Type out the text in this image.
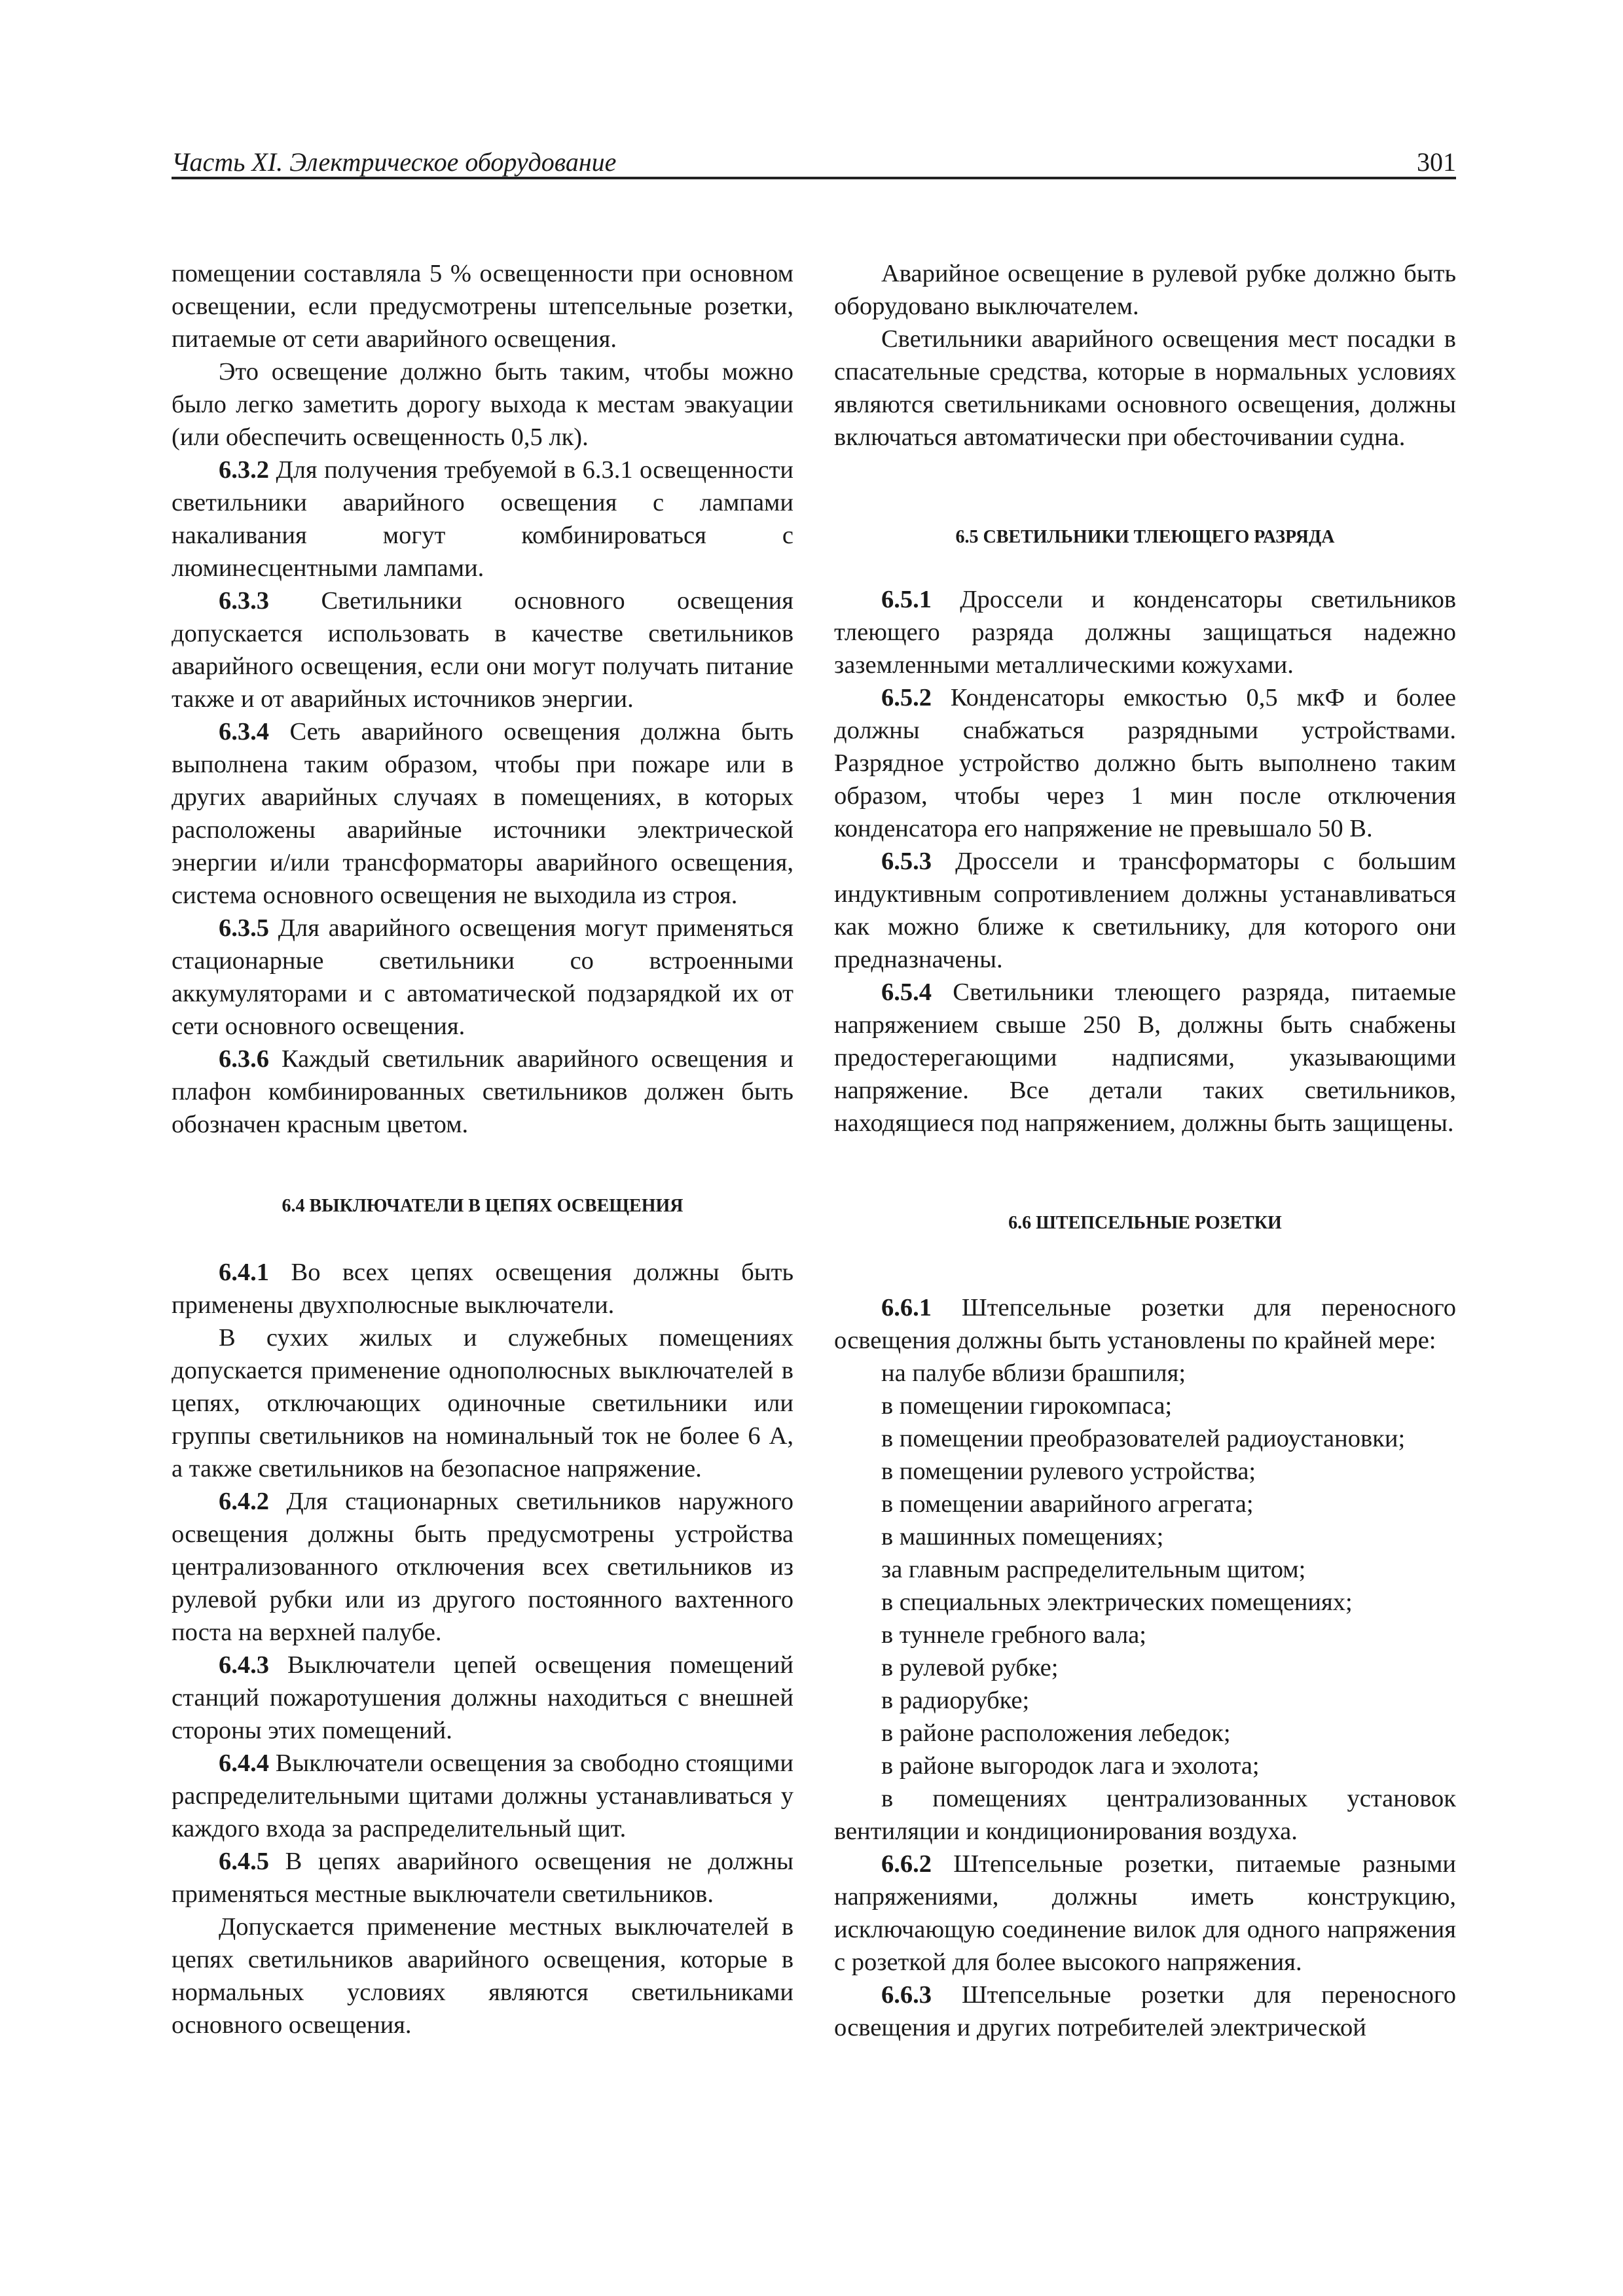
Часть XI. Электрическое оборудование	301

помещении составляла 5 % освещенности при основном освещении, если предусмотрены штепсельные розетки, питаемые от сети аварийного освещения.

Это освещение должно быть таким, чтобы можно было легко заметить дорогу выхода к местам эвакуации (или обеспечить освещенность 0,5 лк).

6.3.2 Для получения требуемой в 6.3.1 освещенности светильники аварийного освещения с лампами накаливания могут комбинироваться с люминесцентными лампами.

6.3.3 Светильники основного освещения допускается использовать в качестве светильников аварийного освещения, если они могут получать питание также и от аварийных источников энергии.

6.3.4 Сеть аварийного освещения должна быть выполнена таким образом, чтобы при пожаре или в других аварийных случаях в помещениях, в которых расположены аварийные источники электрической энергии и/или трансформаторы аварийного освещения, система основного освещения не выходила из строя.

6.3.5 Для аварийного освещения могут применяться стационарные светильники со встроенными аккумуляторами и с автоматической подзарядкой их от сети основного освещения.

6.3.6 Каждый светильник аварийного освещения и плафон комбинированных светильников должен быть обозначен красным цветом.

6.4 ВЫКЛЮЧАТЕЛИ В ЦЕПЯХ ОСВЕЩЕНИЯ

6.4.1 Во всех цепях освещения должны быть применены двухполюсные выключатели.

В сухих жилых и служебных помещениях допускается применение однополюсных выключателей в цепях, отключающих одиночные светильники или группы светильников на номинальный ток не более 6 А, а также светильников на безопасное напряжение.

6.4.2 Для стационарных светильников наружного освещения должны быть предусмотрены устройства централизованного отключения всех светильников из рулевой рубки или из другого постоянного вахтенного поста на верхней палубе.

6.4.3 Выключатели цепей освещения помещений станций пожаротушения должны находиться с внешней стороны этих помещений.

6.4.4 Выключатели освещения за свободно стоящими распределительными щитами должны устанавливаться у каждого входа за распределительный щит.

6.4.5 В цепях аварийного освещения не должны применяться местные выключатели светильников.

Допускается применение местных выключателей в цепях светильников аварийного освещения, которые в нормальных условиях являются светильниками основного освещения.

Аварийное освещение в рулевой рубке должно быть оборудовано выключателем.

Светильники аварийного освещения мест посадки в спасательные средства, которые в нормальных условиях являются светильниками основного освещения, должны включаться автоматически при обесточивании судна.

6.5 СВЕТИЛЬНИКИ ТЛЕЮЩЕГО РАЗРЯДА

6.5.1 Дроссели и конденсаторы светильников тлеющего разряда должны защищаться надежно заземленными металлическими кожухами.

6.5.2 Конденсаторы емкостью 0,5 мкФ и более должны снабжаться разрядными устройствами. Разрядное устройство должно быть выполнено таким образом, чтобы через 1 мин после отключения конденсатора его напряжение не превышало 50 В.

6.5.3 Дроссели и трансформаторы с большим индуктивным сопротивлением должны устанавливаться как можно ближе к светильнику, для которого они предназначены.

6.5.4 Светильники тлеющего разряда, питаемые напряжением свыше 250 В, должны быть снабжены предостерегающими надписями, указывающими напряжение. Все детали таких светильников, находящиеся под напряжением, должны быть защищены.

6.6 ШТЕПСЕЛЬНЫЕ РОЗЕТКИ

6.6.1 Штепсельные розетки для переносного освещения должны быть установлены по крайней мере:

на палубе вблизи брашпиля;
в помещении гирокомпаса;
в помещении преобразователей радиоустановки;
в помещении рулевого устройства;
в помещении аварийного агрегата;
в машинных помещениях;
за главным распределительным щитом;
в специальных электрических помещениях;
в туннеле гребного вала;
в рулевой рубке;
в радиорубке;
в районе расположения лебедок;
в районе выгородок лага и эхолота;

в помещениях централизованных установок вентиляции и кондиционирования воздуха.

6.6.2 Штепсельные розетки, питаемые разными напряжениями, должны иметь конструкцию, исключающую соединение вилок для одного напряжения с розеткой для более высокого напряжения.

6.6.3 Штепсельные розетки для переносного освещения и других потребителей электрической
